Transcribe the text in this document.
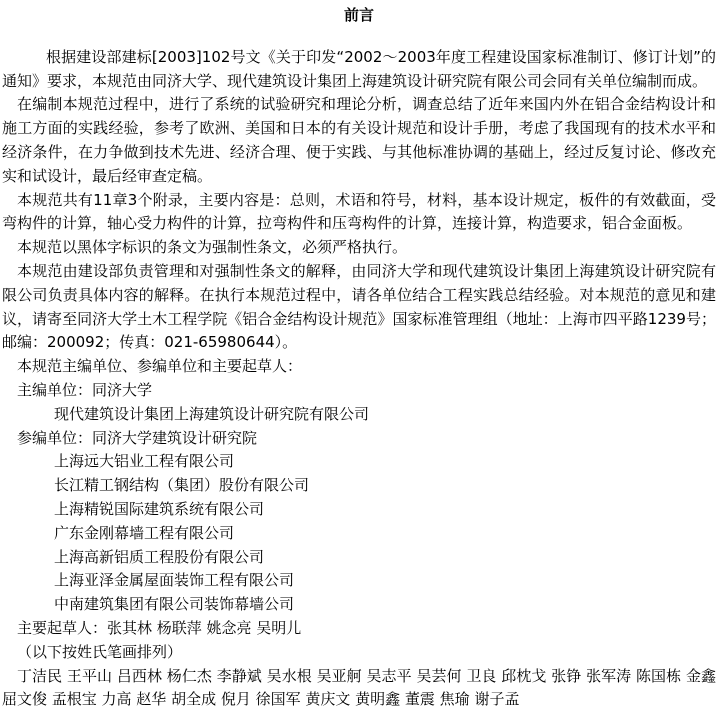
前言

根据建设部建标[2003]102号文《关于印发“2002～2003年度工程建设国家标准制订、修订计划”的通知》要求，本规范由同济大学、现代建筑设计集团上海建筑设计研究院有限公司会同有关单位编制而成。

在编制本规范过程中，进行了系统的试验研究和理论分析，调查总结了近年来国内外在铝合金结构设计和施工方面的实践经验，参考了欧洲、美国和日本的有关设计规范和设计手册，考虑了我国现有的技术水平和经济条件，在力争做到技术先进、经济合理、便于实践、与其他标准协调的基础上，经过反复讨论、修改充实和试设计，最后经审查定稿。

本规范共有11章3个附录，主要内容是：总则，术语和符号，材料，基本设计规定，板件的有效截面，受弯构件的计算，轴心受力构件的计算，拉弯构件和压弯构件的计算，连接计算，构造要求，铝合金面板。

本规范以黑体字标识的条文为强制性条文，必须严格执行。

本规范由建设部负责管理和对强制性条文的解释，由同济大学和现代建筑设计集团上海建筑设计研究院有限公司负责具体内容的解释。在执行本规范过程中，请各单位结合工程实践总结经验。对本规范的意见和建议，请寄至同济大学土木工程学院《铝合金结构设计规范》国家标准管理组（地址：上海市四平路1239号；邮编：200092；传真：021-65980644）。

本规范主编单位、参编单位和主要起草人：

主编单位：同济大学

现代建筑设计集团上海建筑设计研究院有限公司

参编单位：同济大学建筑设计研究院

上海远大铝业工程有限公司

长江精工钢结构（集团）股份有限公司

上海精锐国际建筑系统有限公司

广东金刚幕墙工程有限公司

上海高新铝质工程股份有限公司

上海亚泽金属屋面装饰工程有限公司

中南建筑集团有限公司装饰幕墙公司

主要起草人：张其林 杨联萍 姚念亮 吴明儿

（以下按姓氏笔画排列）

丁洁民 王平山 吕西林 杨仁杰 李静斌 吴水根 吴亚舸 吴志平 吴芸何 卫良 邱枕戈 张铮 张军涛 陈国栋 金鑫 屈文俊 孟根宝 力高 赵华 胡全成 倪月 徐国军 黄庆文 黄明鑫 董震 焦瑜 谢子孟
